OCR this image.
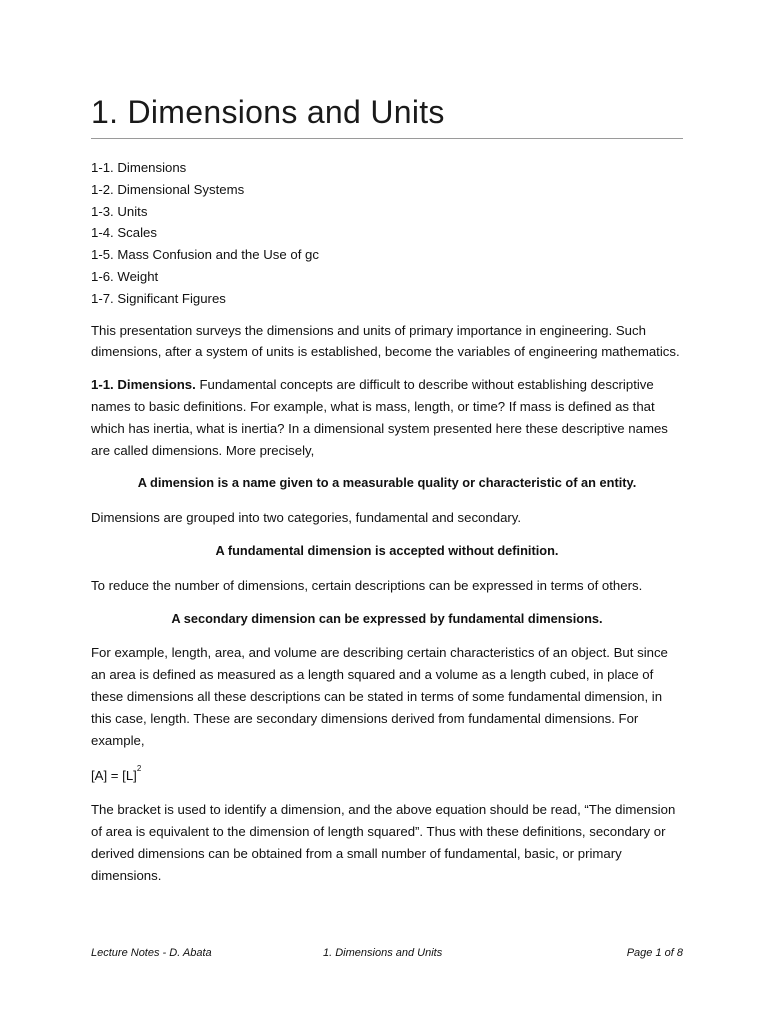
1. Dimensions and Units
1-1. Dimensions
1-2. Dimensional Systems
1-3. Units
1-4. Scales
1-5. Mass Confusion and the Use of gc
1-6. Weight
1-7. Significant Figures

This presentation surveys the dimensions and units of primary importance in engineering. Such dimensions, after a system of units is established, become the variables of engineering mathematics.

1-1. Dimensions. Fundamental concepts are difficult to describe without establishing descriptive names to basic definitions. For example, what is mass, length, or time? If mass is defined as that which has inertia, what is inertia? In a dimensional system presented here these descriptive names are called dimensions. More precisely,

A dimension is a name given to a measurable quality or characteristic of an entity.

Dimensions are grouped into two categories, fundamental and secondary.

A fundamental dimension is accepted without definition.

To reduce the number of dimensions, certain descriptions can be expressed in terms of others.

A secondary dimension can be expressed by fundamental dimensions.

For example, length, area, and volume are describing certain characteristics of an object. But since an area is defined as measured as a length squared and a volume as a length cubed, in place of these dimensions all these descriptions can be stated in terms of some fundamental dimension, in this case, length. These are secondary dimensions derived from fundamental dimensions. For example,

$[A] = [L]^2$

The bracket is used to identify a dimension, and the above equation should be read, “The dimension of area is equivalent to the dimension of length squared”. Thus with these definitions, secondary or derived dimensions can be obtained from a small number of fundamental, basic, or primary dimensions.

Lecture Notes - D. Abata	1. Dimensions and Units	Page 1 of 8
